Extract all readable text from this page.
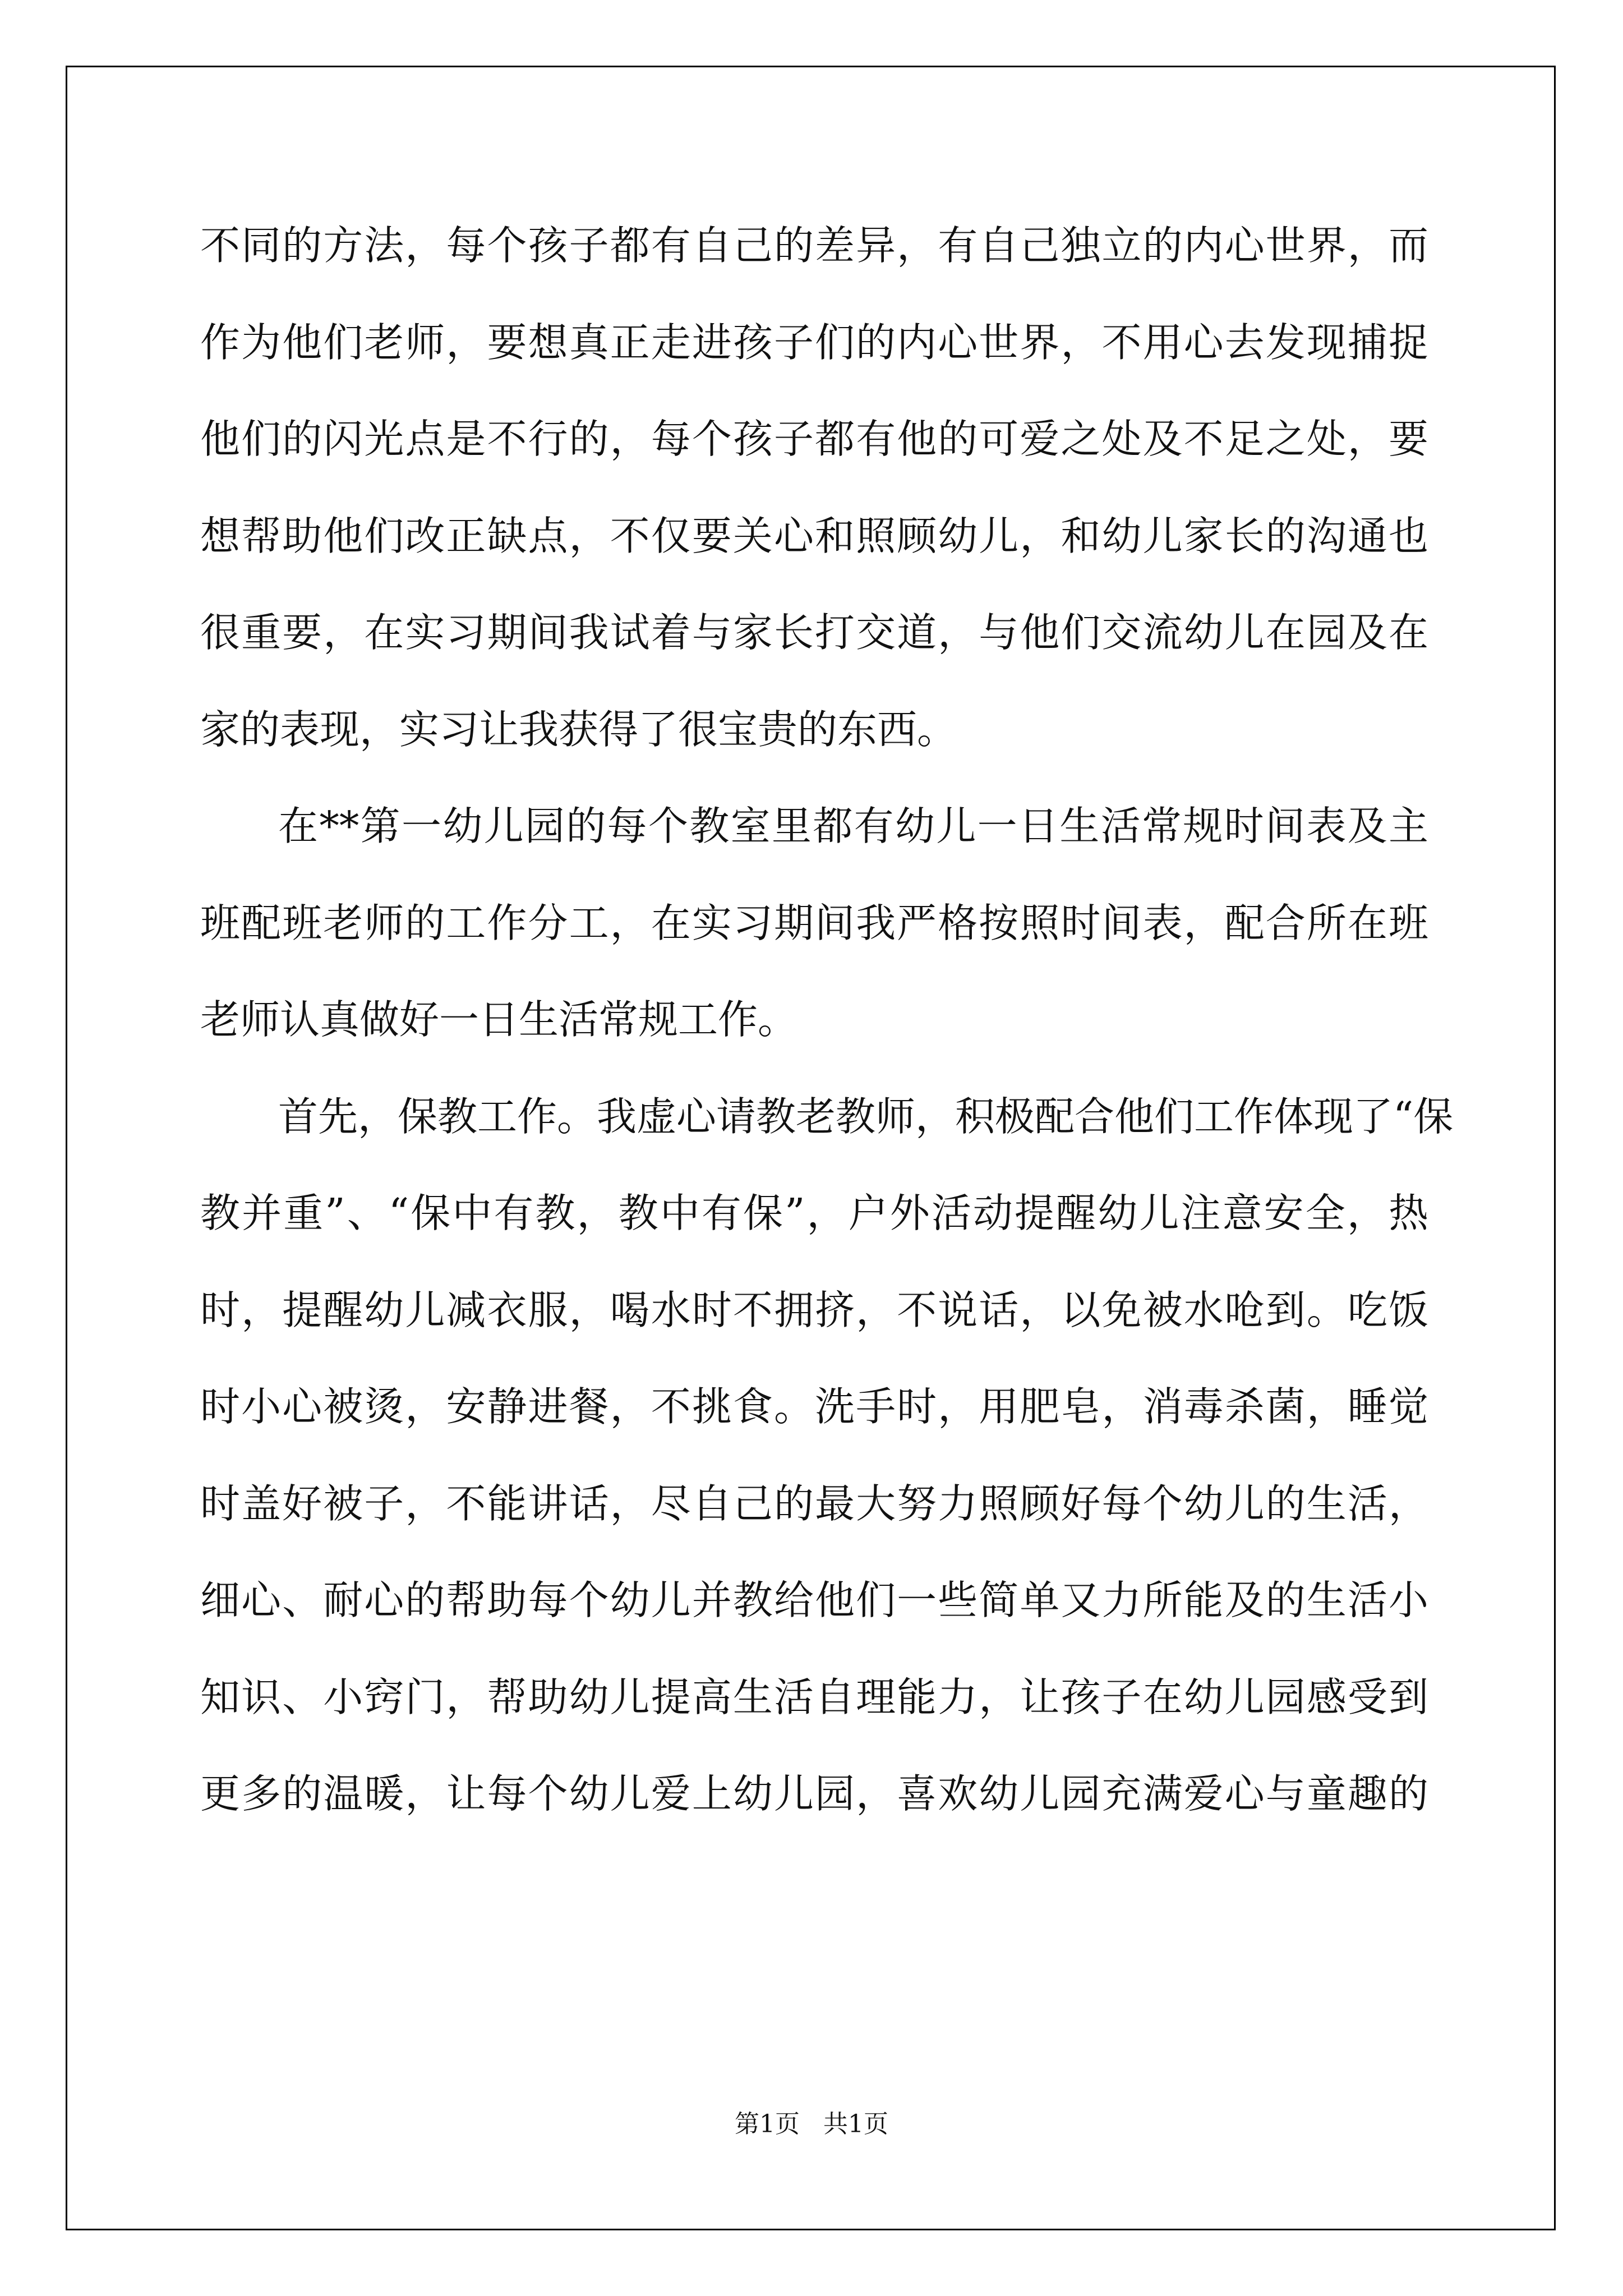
不同的方法，每个孩子都有自己的差异，有自己独立的内心世界，而
作为他们老师，要想真正走进孩子们的内心世界，不用心去发现捕捉
他们的闪光点是不行的，每个孩子都有他的可爱之处及不足之处，要
想帮助他们改正缺点，不仅要关心和照顾幼儿，和幼儿家长的沟通也
很重要，在实习期间我试着与家长打交道，与他们交流幼儿在园及在
家的表现，实习让我获得了很宝贵的东西。
在**第一幼儿园的每个教室里都有幼儿一日生活常规时间表及主
班配班老师的工作分工，在实习期间我严格按照时间表，配合所在班
老师认真做好一日生活常规工作。
首先，保教工作。我虚心请教老教师，积极配合他们工作体现了“保
教并重”、“保中有教，教中有保”，户外活动提醒幼儿注意安全，热
时，提醒幼儿减衣服，喝水时不拥挤，不说话，以免被水呛到。吃饭
时小心被烫，安静进餐，不挑食。洗手时，用肥皂，消毒杀菌，睡觉
时盖好被子，不能讲话，尽自己的最大努力照顾好每个幼儿的生活，
细心、耐心的帮助每个幼儿并教给他们一些简单又力所能及的生活小
知识、小窍门，帮助幼儿提高生活自理能力，让孩子在幼儿园感受到
更多的温暖，让每个幼儿爱上幼儿园，喜欢幼儿园充满爱心与童趣的
第1页   共1页
